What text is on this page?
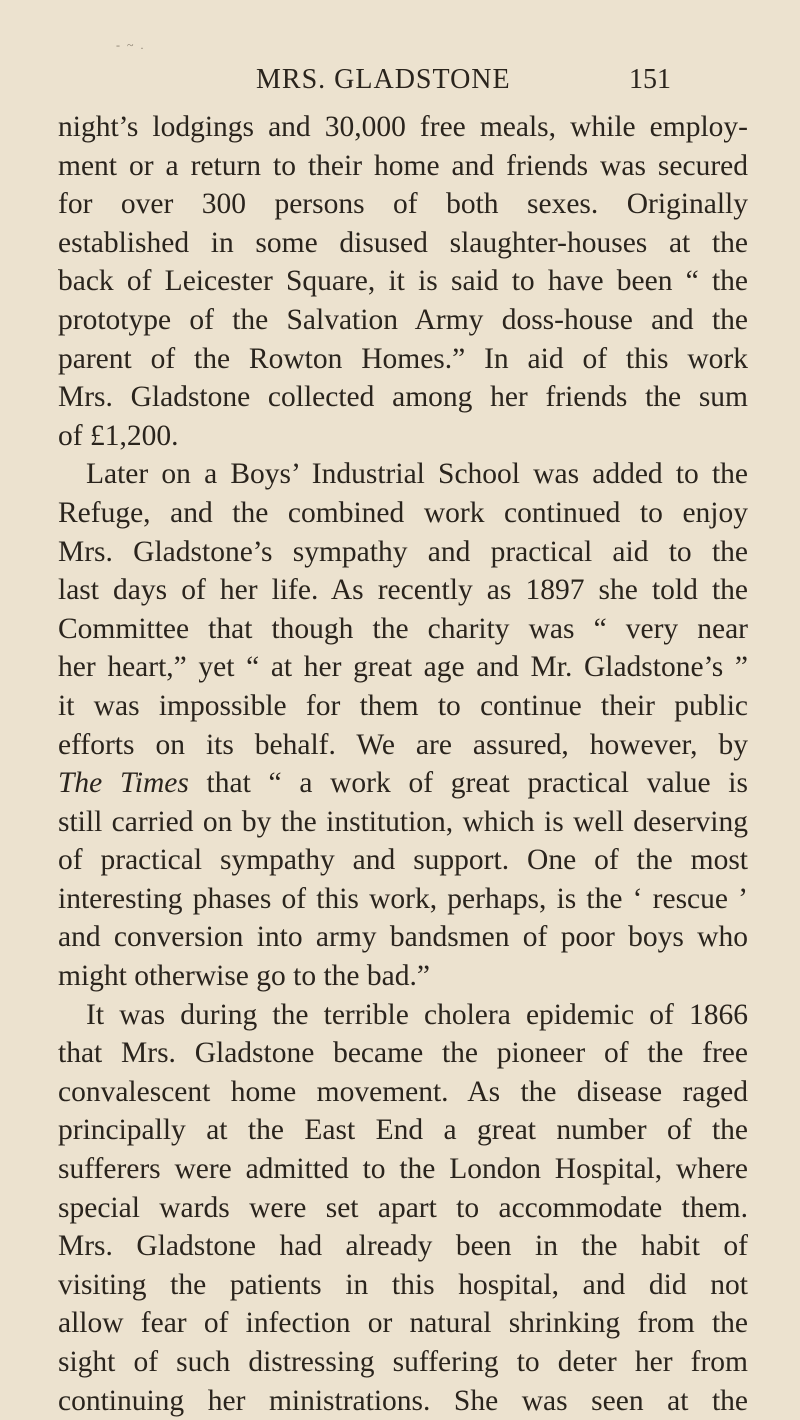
- ~ .
MRS. GLADSTONE	151
night’s lodgings and 30,000 free meals, while employ-
ment or a return to their home and friends was secured
for over 300 persons of both sexes. Originally
established in some disused slaughter-houses at the
back of Leicester Square, it is said to have been “ the
prototype of the Salvation Army doss-house and the
parent of the Rowton Homes.” In aid of this work
Mrs. Gladstone collected among her friends the sum
of £1,200.
Later on a Boys’ Industrial School was added to the
Refuge, and the combined work continued to enjoy
Mrs. Gladstone’s sympathy and practical aid to the
last days of her life. As recently as 1897 she told the
Committee that though the charity was “ very near
her heart,” yet “ at her great age and Mr. Gladstone’s ”
it was impossible for them to continue their public
efforts on its behalf. We are assured, however, by
The Times that “ a work of great practical value is
still carried on by the institution, which is well deserving
of practical sympathy and support. One of the most
interesting phases of this work, perhaps, is the ‘ rescue ’
and conversion into army bandsmen of poor boys who
might otherwise go to the bad.”
It was during the terrible cholera epidemic of 1866
that Mrs. Gladstone became the pioneer of the free
convalescent home movement. As the disease raged
principally at the East End a great number of the
sufferers were admitted to the London Hospital, where
special wards were set apart to accommodate them.
Mrs. Gladstone had already been in the habit of
visiting the patients in this hospital, and did not
allow fear of infection or natural shrinking from the
sight of such distressing suffering to deter her from
continuing her ministrations. She was seen at the
